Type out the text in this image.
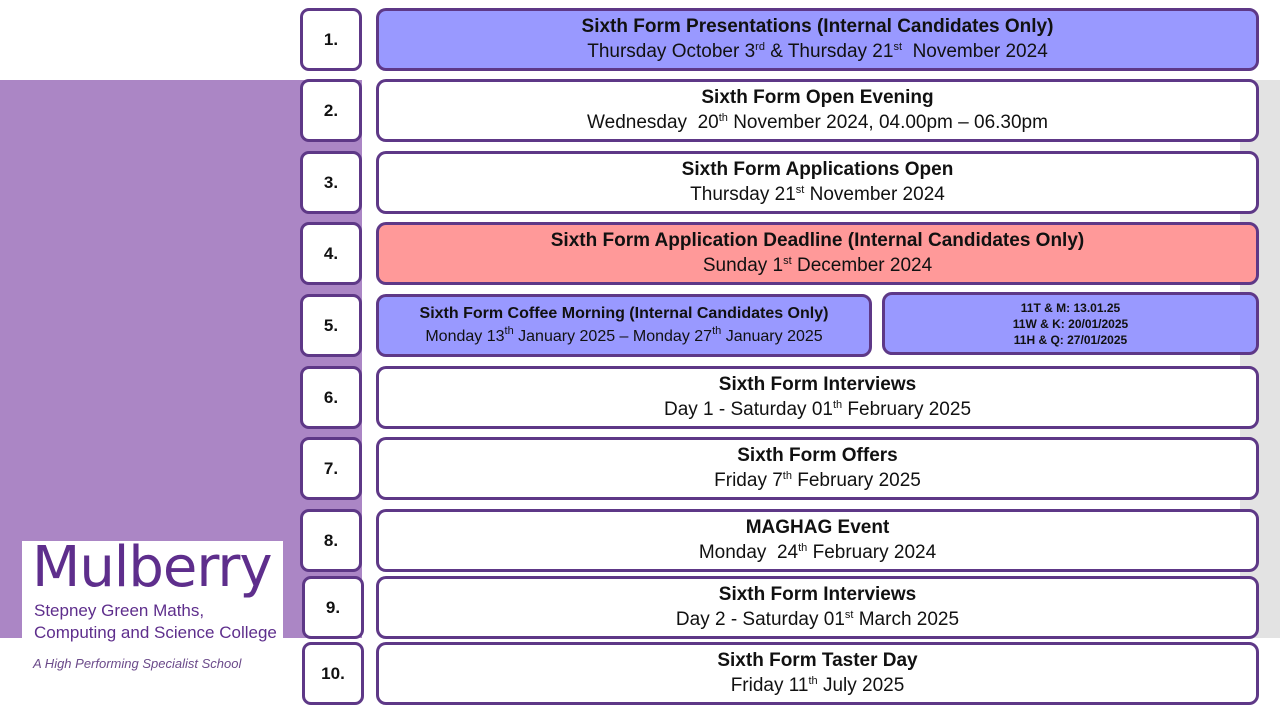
1.
Sixth Form Presentations (Internal Candidates Only)
Thursday October 3rd & Thursday 21st  November 2024
2.
Sixth Form Open Evening
Wednesday  20th November 2024, 04.00pm – 06.30pm
3.
Sixth Form Applications Open
Thursday 21st November 2024
4.
Sixth Form Application Deadline (Internal Candidates Only)
Sunday 1st December 2024
5.
Sixth Form Coffee Morning (Internal Candidates Only)
Monday 13th January 2025 – Monday 27th January 2025
11T & M: 13.01.25
11W & K: 20/01/2025
11H & Q: 27/01/2025
6.
Sixth Form Interviews
Day 1 - Saturday 01th February 2025
7.
Sixth Form Offers
Friday 7th February 2025
8.
MAGHAG Event
Monday  24th February 2024
9.
Sixth Form Interviews
Day 2 - Saturday 01st March 2025
10.
Sixth Form Taster Day
Friday 11th July 2025
Mulberry
Stepney Green Maths,
Computing and Science College
A High Performing Specialist School
